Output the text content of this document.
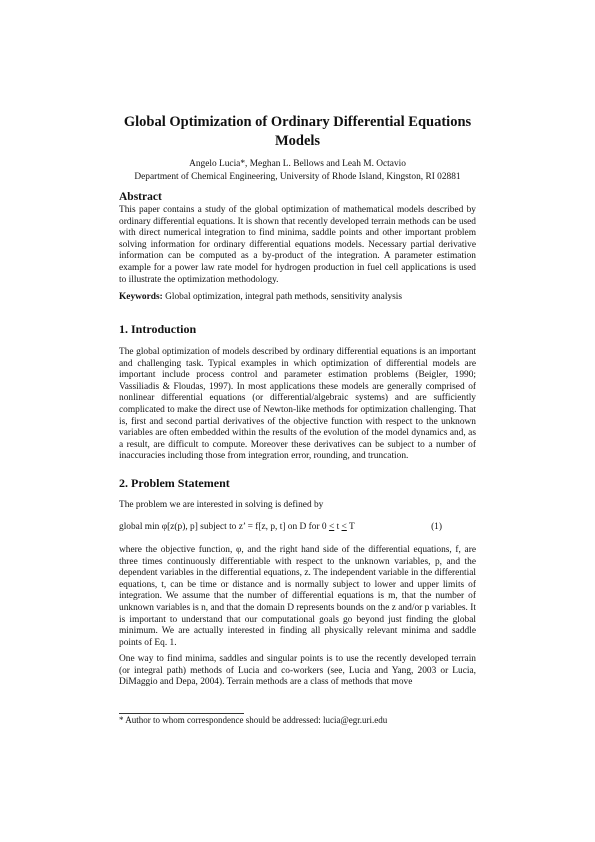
Global Optimization of Ordinary Differential Equations Models
Angelo Lucia*, Meghan L. Bellows and Leah M. Octavio
Department of Chemical Engineering, University of Rhode Island, Kingston, RI 02881
Abstract

This paper contains a study of the global optimization of mathematical models described by ordinary differential equations. It is shown that recently developed terrain methods can be used with direct numerical integration to find minima, saddle points and other important problem solving information for ordinary differential equations models. Necessary partial derivative information can be computed as a by-product of the integration. A parameter estimation example for a power law rate model for hydrogen production in fuel cell applications is used to illustrate the optimization methodology.

Keywords: Global optimization, integral path methods, sensitivity analysis

1. Introduction

The global optimization of models described by ordinary differential equations is an important and challenging task. Typical examples in which optimization of differential models are important include process control and parameter estimation problems (Beigler, 1990; Vassiliadis & Floudas, 1997). In most applications these models are generally comprised of nonlinear differential equations (or differential/algebraic systems) and are sufficiently complicated to make the direct use of Newton-like methods for optimization challenging. That is, first and second partial derivatives of the objective function with respect to the unknown variables are often embedded within the results of the evolution of the model dynamics and, as a result, are difficult to compute. Moreover these derivatives can be subject to a number of inaccuracies including those from integration error, rounding, and truncation.

2. Problem Statement

The problem we are interested in solving is defined by

global min φ[z(p), p] subject to z’ = f[z, p, t] on D for 0 ≤ t ≤ T	(1)

where the objective function, φ, and the right hand side of the differential equations, f, are three times continuously differentiable with respect to the unknown variables, p, and the dependent variables in the differential equations, z. The independent variable in the differential equations, t, can be time or distance and is normally subject to lower and upper limits of integration. We assume that the number of differential equations is m, that the number of unknown variables is n, and that the domain D represents bounds on the z and/or p variables. It is important to understand that our computational goals go beyond just finding the global minimum. We are actually interested in finding all physically relevant minima and saddle points of Eq. 1.

One way to find minima, saddles and singular points is to use the recently developed terrain (or integral path) methods of Lucia and co-workers (see, Lucia and Yang, 2003 or Lucia, DiMaggio and Depa, 2004). Terrain methods are a class of methods that move

* Author to whom correspondence should be addressed: lucia@egr.uri.edu
